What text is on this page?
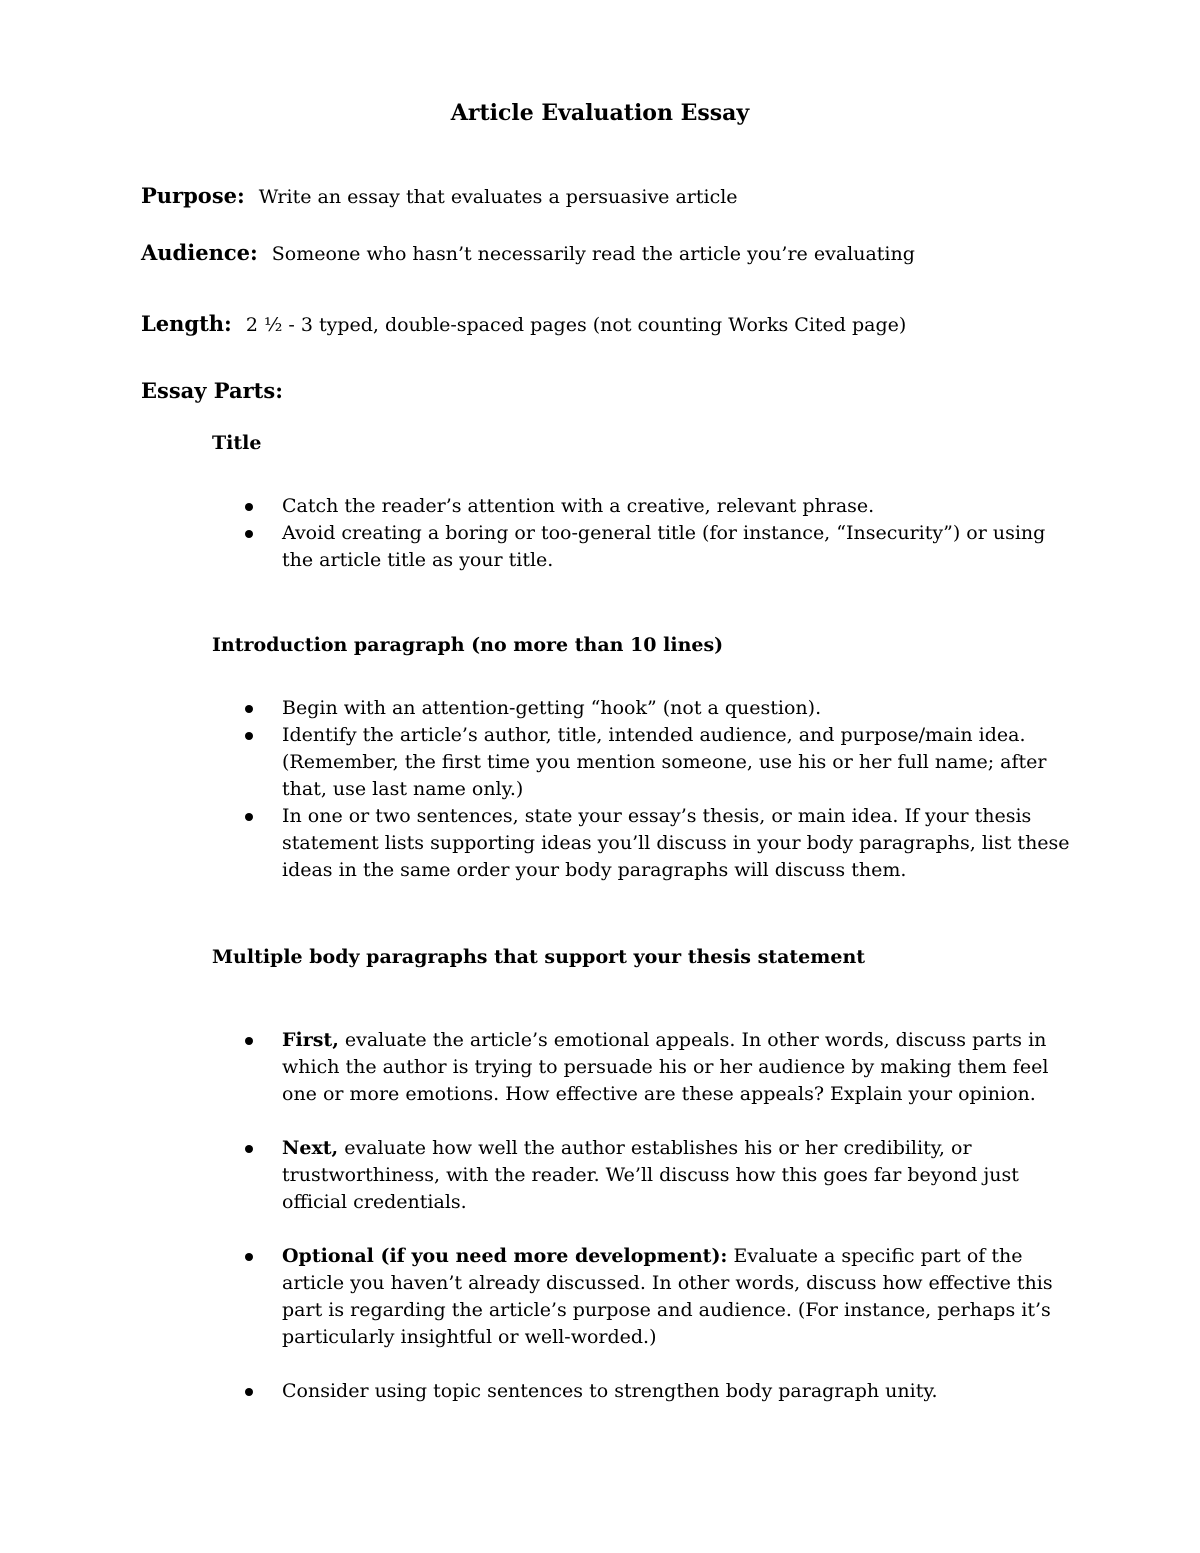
Article Evaluation Essay
Purpose: Write an essay that evaluates a persuasive article
Audience: Someone who hasn’t necessarily read the article you’re evaluating
Length: 2 ½ - 3 typed, double-spaced pages (not counting Works Cited page)
Essay Parts:
Title
Catch the reader’s attention with a creative, relevant phrase.
Avoid creating a boring or too-general title (for instance, “Insecurity”) or using the article title as your title.
Introduction paragraph (no more than 10 lines)
Begin with an attention-getting “hook” (not a question).
Identify the article’s author, title, intended audience, and purpose/main idea. (Remember, the first time you mention someone, use his or her full name; after that, use last name only.)
In one or two sentences, state your essay’s thesis, or main idea. If your thesis statement lists supporting ideas you’ll discuss in your body paragraphs, list these ideas in the same order your body paragraphs will discuss them.
Multiple body paragraphs that support your thesis statement
First, evaluate the article’s emotional appeals. In other words, discuss parts in which the author is trying to persuade his or her audience by making them feel one or more emotions. How effective are these appeals? Explain your opinion.
Next, evaluate how well the author establishes his or her credibility, or trustworthiness, with the reader. We’ll discuss how this goes far beyond just official credentials.
Optional (if you need more development): Evaluate a specific part of the article you haven’t already discussed. In other words, discuss how effective this part is regarding the article’s purpose and audience. (For instance, perhaps it’s particularly insightful or well-worded.)
Consider using topic sentences to strengthen body paragraph unity.
